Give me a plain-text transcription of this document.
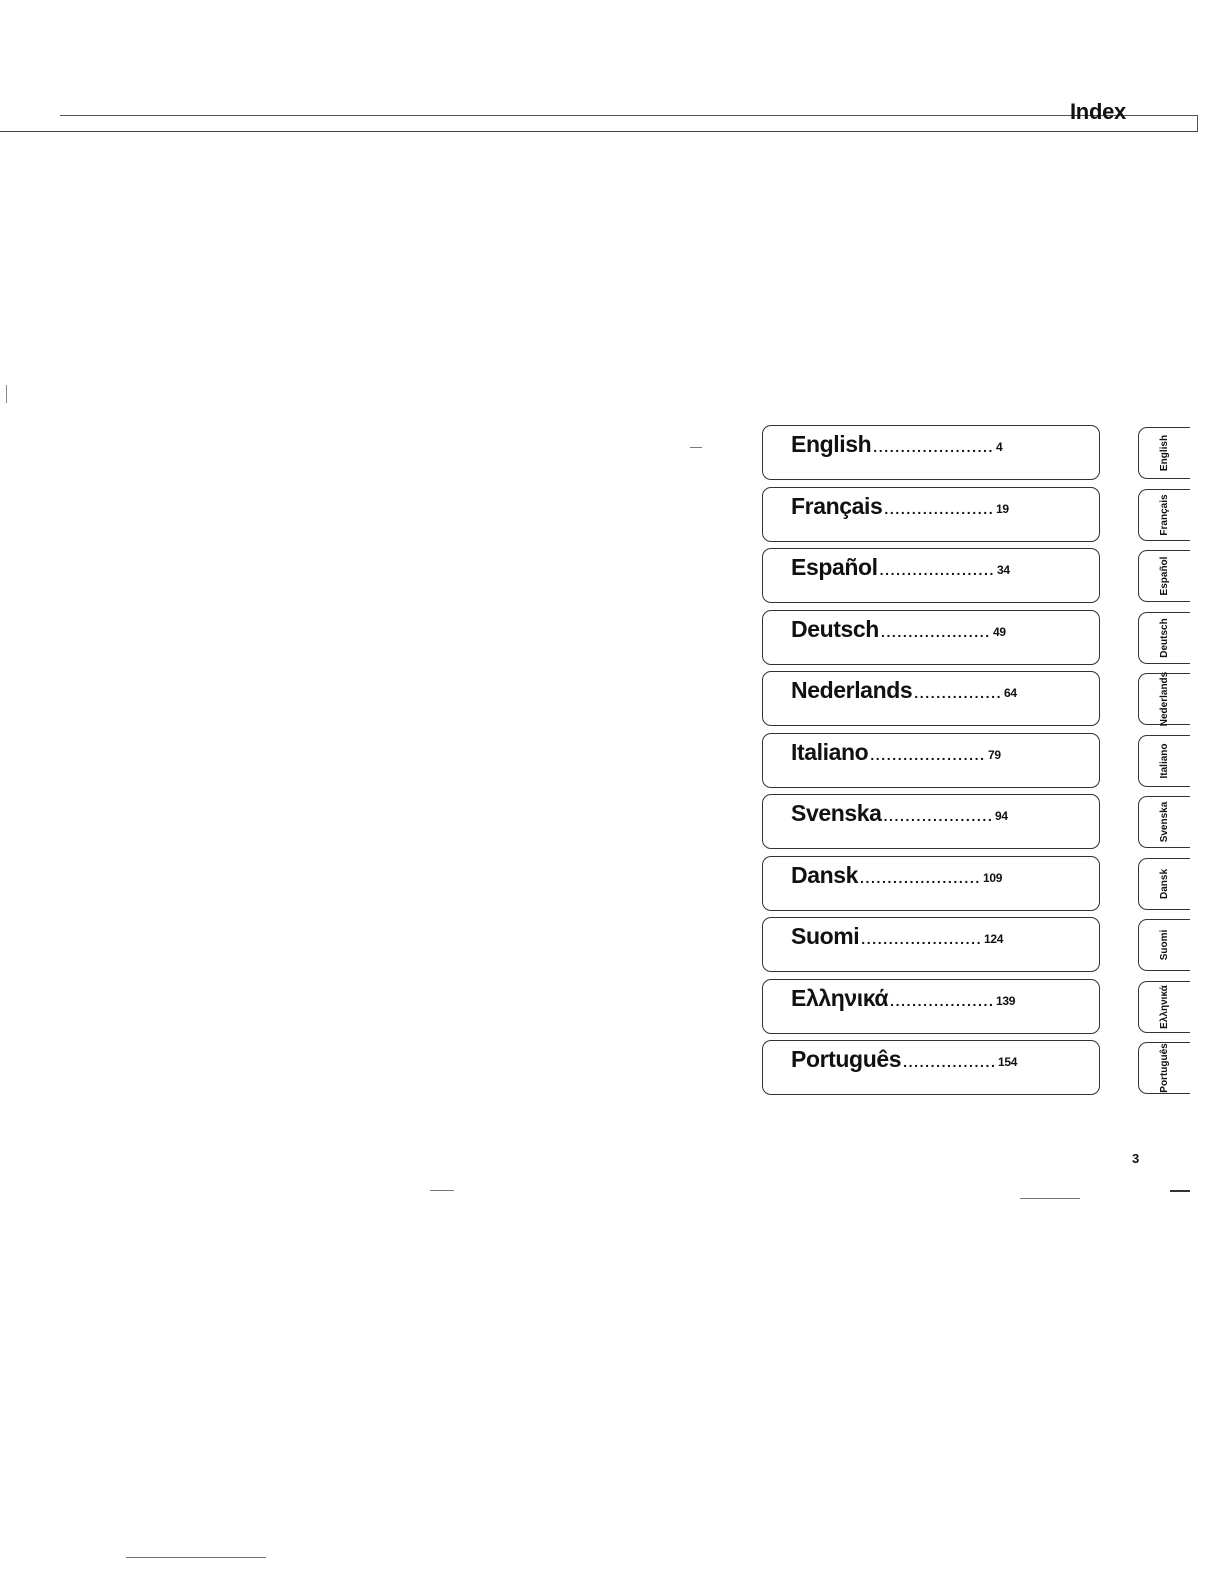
Index
English ...................... 4
Français .................... 19
Español ..................... 34
Deutsch .................... 49
Nederlands ................ 64
Italiano ..................... 79
Svenska .................... 94
Dansk ...................... 109
Suomi ...................... 124
Ελληνικά ................... 139
Português ................. 154
English
Français
Español
Deutsch
Nederlands
Italiano
Svenska
Dansk
Suomi
Ελληνικά
Português
3
